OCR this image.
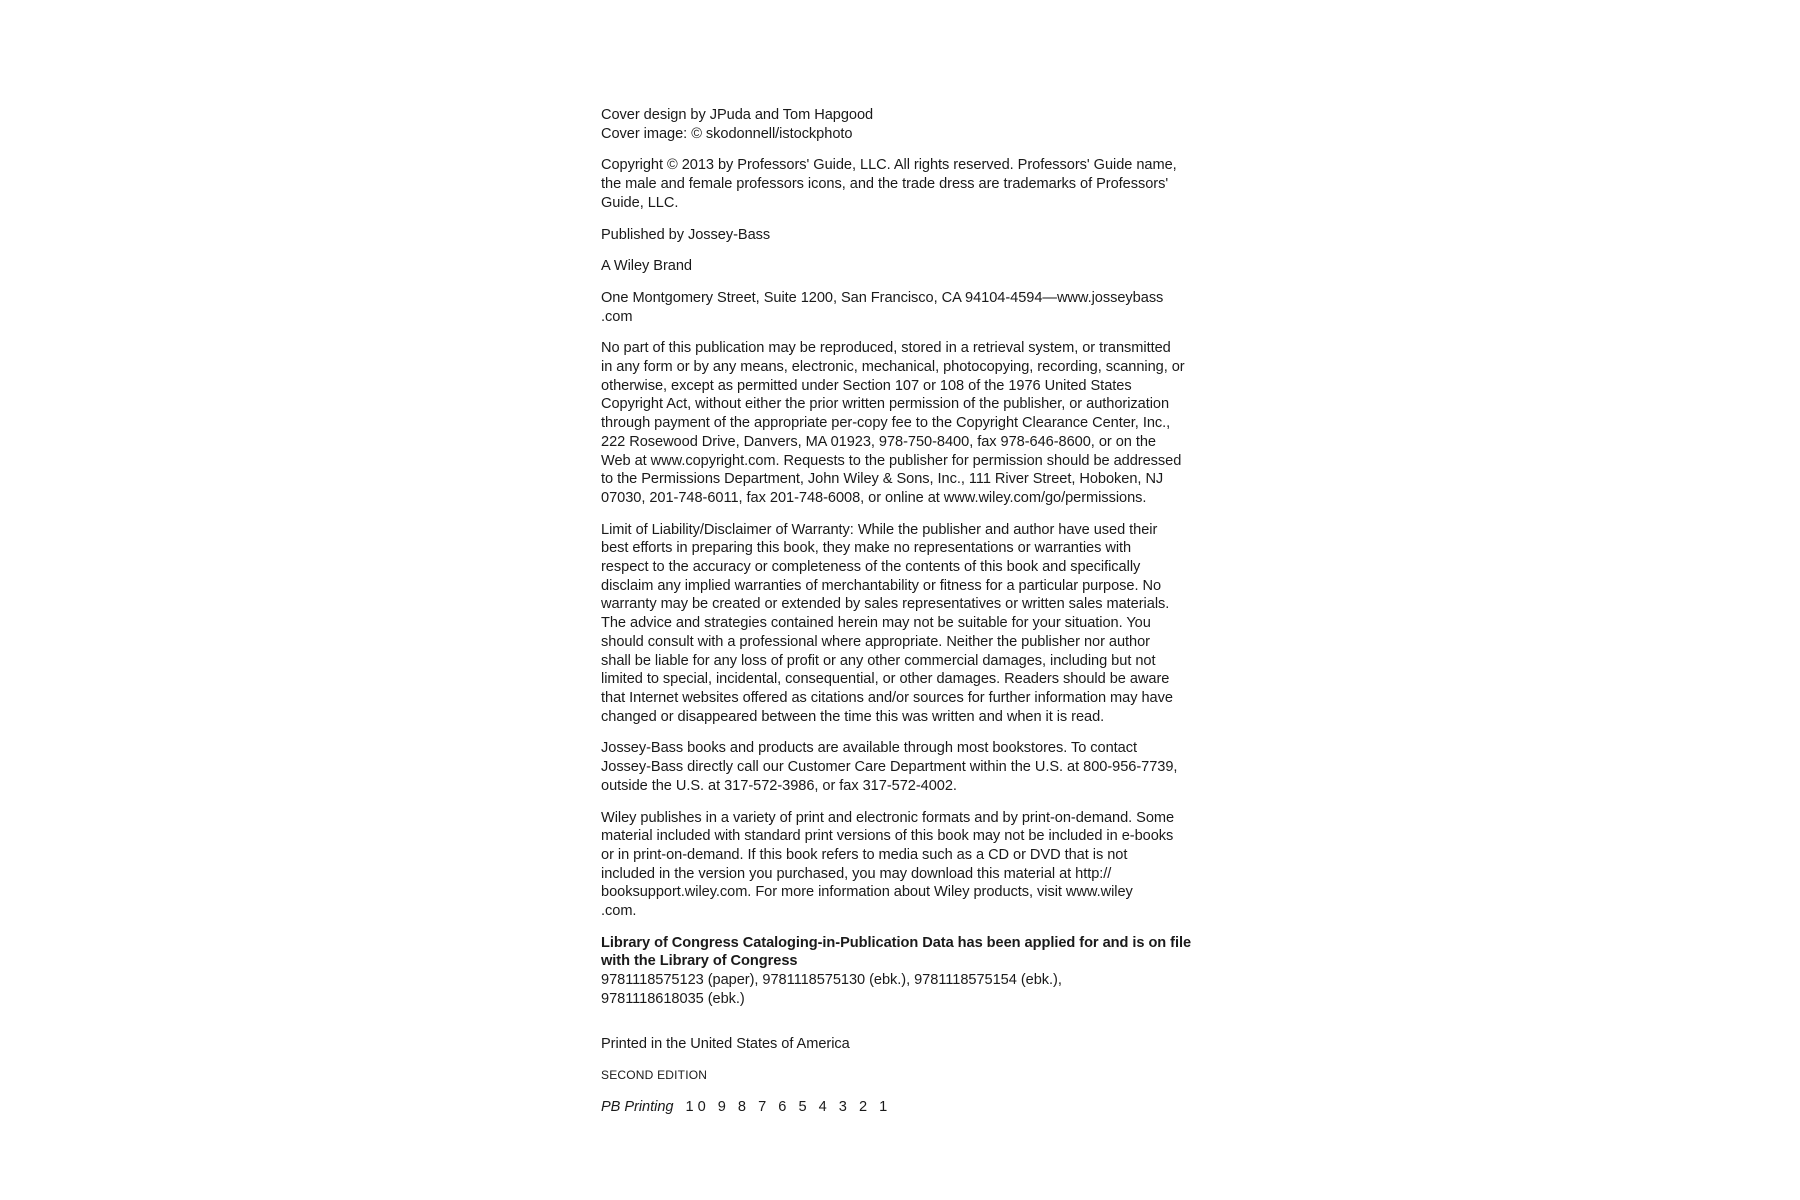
Cover design by JPuda and Tom Hapgood
Cover image: © skodonnell/istockphoto
Copyright © 2013 by Professors' Guide, LLC. All rights reserved. Professors' Guide name,
the male and female professors icons, and the trade dress are trademarks of Professors'
Guide, LLC.
Published by Jossey-Bass
A Wiley Brand
One Montgomery Street, Suite 1200, San Francisco, CA 94104-4594—www.josseybass
.com
No part of this publication may be reproduced, stored in a retrieval system, or transmitted
in any form or by any means, electronic, mechanical, photocopying, recording, scanning, or
otherwise, except as permitted under Section 107 or 108 of the 1976 United States
Copyright Act, without either the prior written permission of the publisher, or authorization
through payment of the appropriate per-copy fee to the Copyright Clearance Center, Inc.,
222 Rosewood Drive, Danvers, MA 01923, 978-750-8400, fax 978-646-8600, or on the
Web at www.copyright.com. Requests to the publisher for permission should be addressed
to the Permissions Department, John Wiley & Sons, Inc., 111 River Street, Hoboken, NJ
07030, 201-748-6011, fax 201-748-6008, or online at www.wiley.com/go/permissions.
Limit of Liability/Disclaimer of Warranty: While the publisher and author have used their
best efforts in preparing this book, they make no representations or warranties with
respect to the accuracy or completeness of the contents of this book and specifically
disclaim any implied warranties of merchantability or fitness for a particular purpose. No
warranty may be created or extended by sales representatives or written sales materials.
The advice and strategies contained herein may not be suitable for your situation. You
should consult with a professional where appropriate. Neither the publisher nor author
shall be liable for any loss of profit or any other commercial damages, including but not
limited to special, incidental, consequential, or other damages. Readers should be aware
that Internet websites offered as citations and/or sources for further information may have
changed or disappeared between the time this was written and when it is read.
Jossey-Bass books and products are available through most bookstores. To contact
Jossey-Bass directly call our Customer Care Department within the U.S. at 800-956-7739,
outside the U.S. at 317-572-3986, or fax 317-572-4002.
Wiley publishes in a variety of print and electronic formats and by print-on-demand. Some
material included with standard print versions of this book may not be included in e-books
or in print-on-demand. If this book refers to media such as a CD or DVD that is not
included in the version you purchased, you may download this material at http://
booksupport.wiley.com. For more information about Wiley products, visit www.wiley
.com.
Library of Congress Cataloging-in-Publication Data has been applied for and is on file
with the Library of Congress
9781118575123 (paper), 9781118575130 (ebk.), 9781118575154 (ebk.),
9781118618035 (ebk.)
Printed in the United States of America
SECOND EDITION
PB Printing 10 9 8 7 6 5 4 3 2 1
